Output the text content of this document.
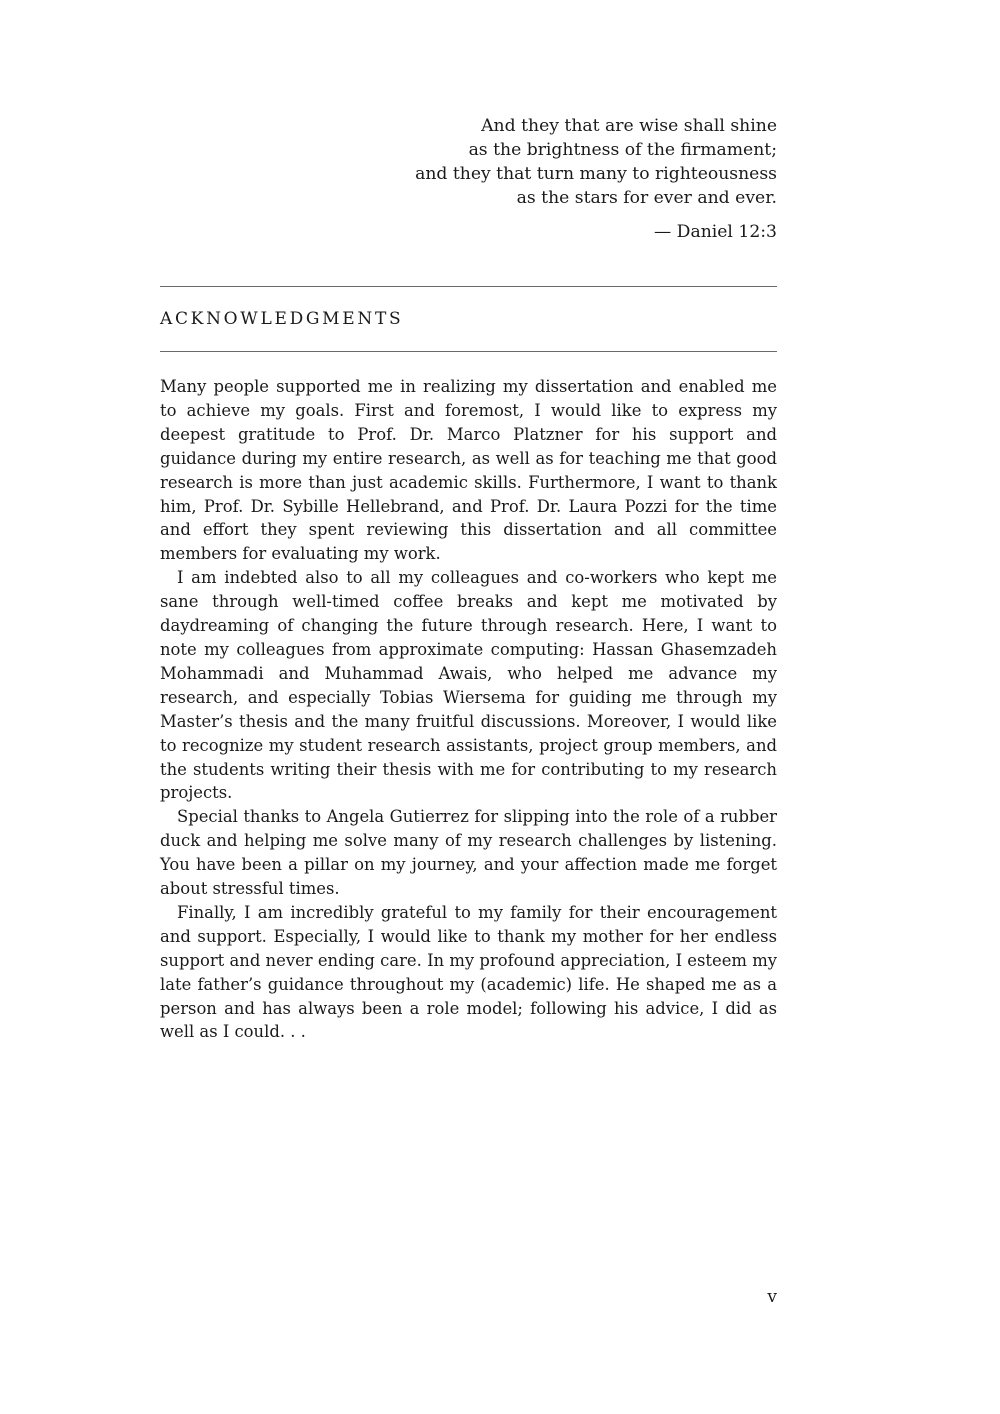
And they that are wise shall shine
as the brightness of the firmament;
and they that turn many to righteousness
as the stars for ever and ever.
— Daniel 12:3
ACKNOWLEDGMENTS

Many people supported me in realizing my dissertation and enabled me to achieve my goals. First and foremost, I would like to express my deepest gratitude to Prof. Dr. Marco Platzner for his support and guidance during my entire research, as well as for teaching me that good research is more than just academic skills. Furthermore, I want to thank him, Prof. Dr. Sybille Hellebrand, and Prof. Dr. Laura Pozzi for the time and effort they spent reviewing this dissertation and all committee members for evaluating my work.

I am indebted also to all my colleagues and co-workers who kept me sane through well-timed coffee breaks and kept me motivated by daydreaming of changing the future through research. Here, I want to note my colleagues from approximate computing: Hassan Ghasemzadeh Mohammadi and Muhammad Awais, who helped me advance my research, and especially Tobias Wiersema for guiding me through my Master’s thesis and the many fruitful discussions. Moreover, I would like to recognize my student research assistants, project group members, and the students writing their thesis with me for contributing to my research projects.

Special thanks to Angela Gutierrez for slipping into the role of a rubber duck and helping me solve many of my research challenges by listening. You have been a pillar on my journey, and your affection made me forget about stressful times.

Finally, I am incredibly grateful to my family for their encouragement and support. Especially, I would like to thank my mother for her endless support and never ending care. In my profound appreciation, I esteem my late father’s guidance throughout my (academic) life. He shaped me as a person and has always been a role model; following his advice, I did as well as I could. . .

v
